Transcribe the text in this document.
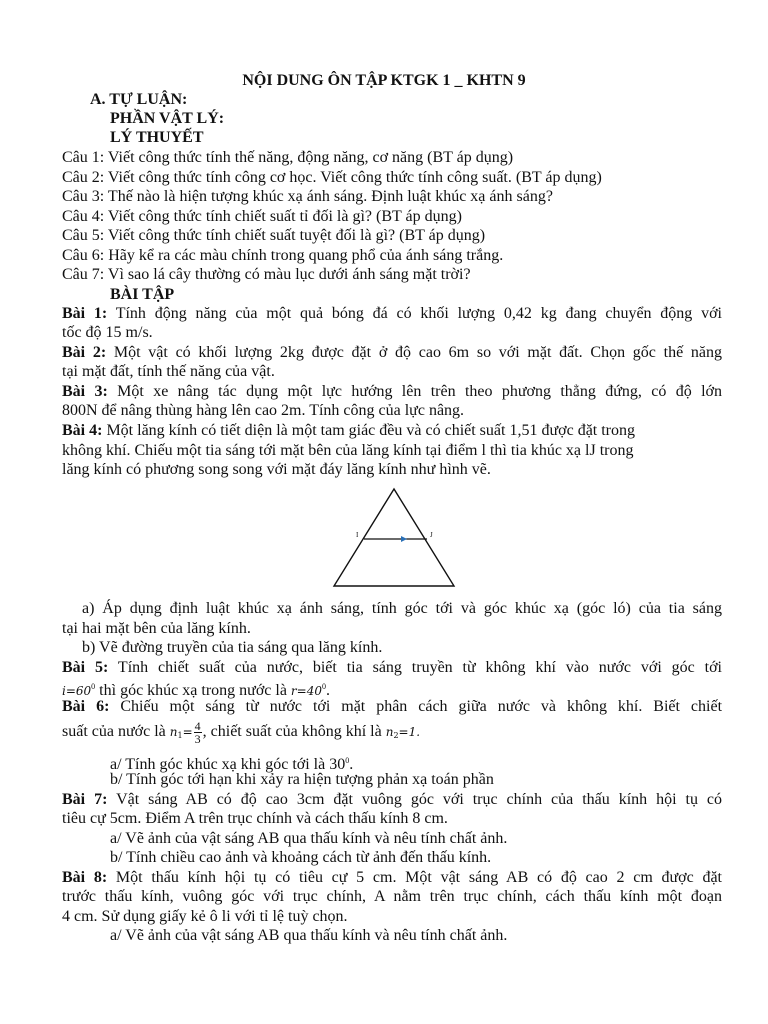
NỘI DUNG ÔN TẬP KTGK 1 _ KHTN 9
A. TỰ LUẬN:
PHẦN VẬT LÝ:
LÝ THUYẾT
Câu 1: Viết công thức tính thế năng, động năng, cơ năng (BT áp dụng)
Câu 2: Viết công thức tính công cơ học. Viết công thức tính công suất. (BT áp dụng)
Câu 3: Thế nào là hiện tượng khúc xạ ánh sáng. Định luật khúc xạ ánh sáng?
Câu 4: Viết công thức tính chiết suất tỉ đối là gì? (BT áp dụng)
Câu 5: Viết công thức tính chiết suất tuyệt đối là gì? (BT áp dụng)
Câu 6: Hãy kể ra các màu chính trong quang phổ của ánh sáng trắng.
Câu 7: Vì sao lá cây thường có màu lục dưới ánh sáng mặt trời?
BÀI TẬP
Bài 1: Tính động năng của một quả bóng đá có khối lượng 0,42 kg đang chuyển động với
tốc độ 15 m/s.
Bài 2: Một vật có khối lượng 2kg được đặt ở độ cao 6m so với mặt đất. Chọn gốc thế năng
tại mặt đất, tính thế năng của vật.
Bài 3: Một xe nâng tác dụng một lực hướng lên trên theo phương thẳng đứng, có độ lớn
800N để nâng thùng hàng lên cao 2m. Tính công của lực nâng.
Bài 4: Một lăng kính có tiết diện là một tam giác đều và có chiết suất 1,51 được đặt trong
không khí. Chiếu một tia sáng tới mặt bên của lăng kính tại điểm l thì tia khúc xạ lJ trong
lăng kính có phương song song với mặt đáy lăng kính như hình vẽ.
I	J
a) Áp dụng định luật khúc xạ ánh sáng, tính góc tới và góc khúc xạ (góc ló) của tia sáng
tại hai mặt bên của lăng kính.
b) Vẽ đường truyền của tia sáng qua lăng kính.
Bài 5: Tính chiết suất của nước, biết tia sáng truyền từ không khí vào nước với góc tới
$i=60^0$ thì góc khúc xạ trong nước là $r=40^0$.
Bài 6: Chiếu một sáng từ nước tới mặt phân cách giữa nước và không khí. Biết chiết
suất của nước là $n_1= \frac{4}{3}$ , chiết suất của không khí là $n_2=1$.
a/ Tính góc khúc xạ khi góc tới là $30^0$.
b/ Tính góc tới hạn khi xảy ra hiện tượng phản xạ toán phần
Bài 7: Vật sáng AB có độ cao 3cm đặt vuông góc với trục chính của thấu kính hội tụ có
tiêu cự 5cm. Điểm A trên trục chính và cách thấu kính 8 cm.
a/ Vẽ ảnh của vật sáng AB qua thấu kính và nêu tính chất ảnh.
b/ Tính chiều cao ảnh và khoảng cách từ ảnh đến thấu kính.
Bài 8: Một thấu kính hội tụ có tiêu cự 5 cm. Một vật sáng AB có độ cao 2 cm được đặt
trước thấu kính, vuông góc với trục chính, A nằm trên trục chính, cách thấu kính một đoạn
4 cm. Sử dụng giấy kẻ ô li với tỉ lệ tuỳ chọn.
a/ Vẽ ảnh của vật sáng AB qua thấu kính và nêu tính chất ảnh.
